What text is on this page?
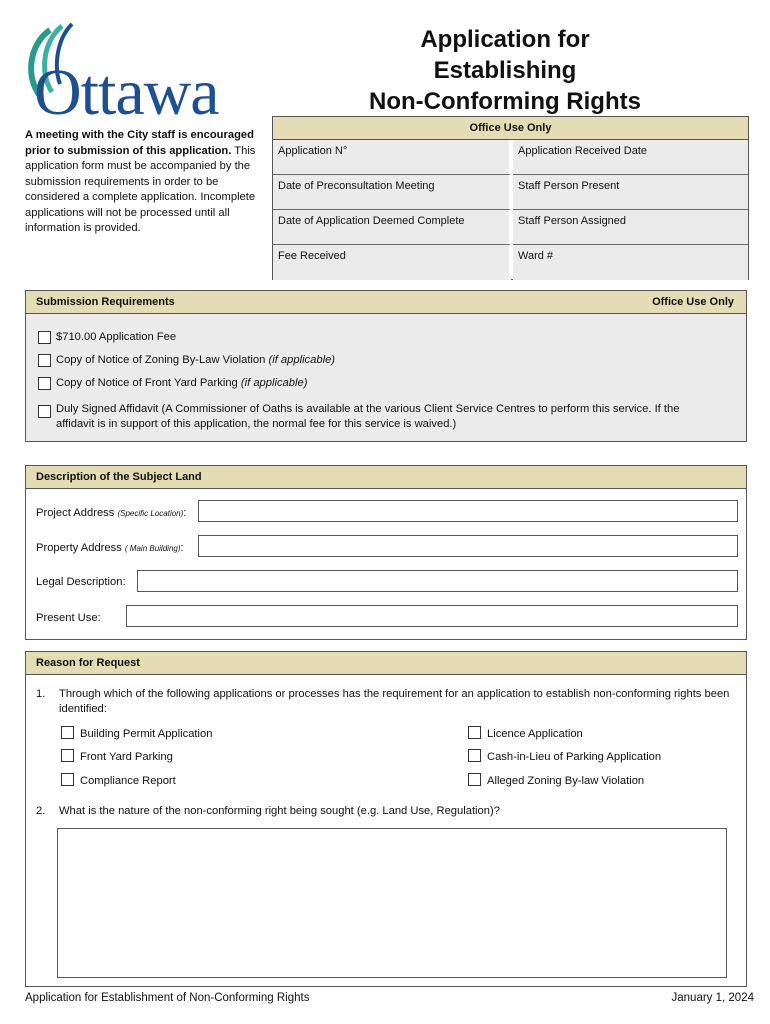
Ottawa
Application for
Establishing
Non-Conforming Rights
A meeting with the City staff is encouraged prior to submission of this application. This application form must be accompanied by the submission requirements in order to be considered a complete application. Incomplete applications will not be processed until all information is provided.
Office Use Only
Application N°	Application Received Date
Date of Preconsultation Meeting	Staff Person Present
Date of Application Deemed Complete	Staff Person Assigned
Fee Received	Ward #
Submission Requirements	Office Use Only
$710.00 Application Fee
Copy of Notice of Zoning By-Law Violation (if applicable)
Copy of Notice of Front Yard Parking (if applicable)
Duly Signed Affidavit (A Commissioner of Oaths is available at the various Client Service Centres to perform this service. If the
affidavit is in support of this application, the normal fee for this service is waived.)
Description of the Subject Land
Project Address (Specific Location):
Property Address ( Main Building):
Legal Description:
Present Use:
Reason for Request
1. Through which of the following applications or processes has the requirement for an application to establish non-conforming rights been identified:
Building Permit Application
Front Yard Parking
Compliance Report
Licence Application
Cash-in-Lieu of Parking Application
Alleged Zoning By-law Violation
2. What is the nature of the non-conforming right being sought (e.g. Land Use, Regulation)?
Application for Establishment of Non-Conforming Rights	January 1, 2024
